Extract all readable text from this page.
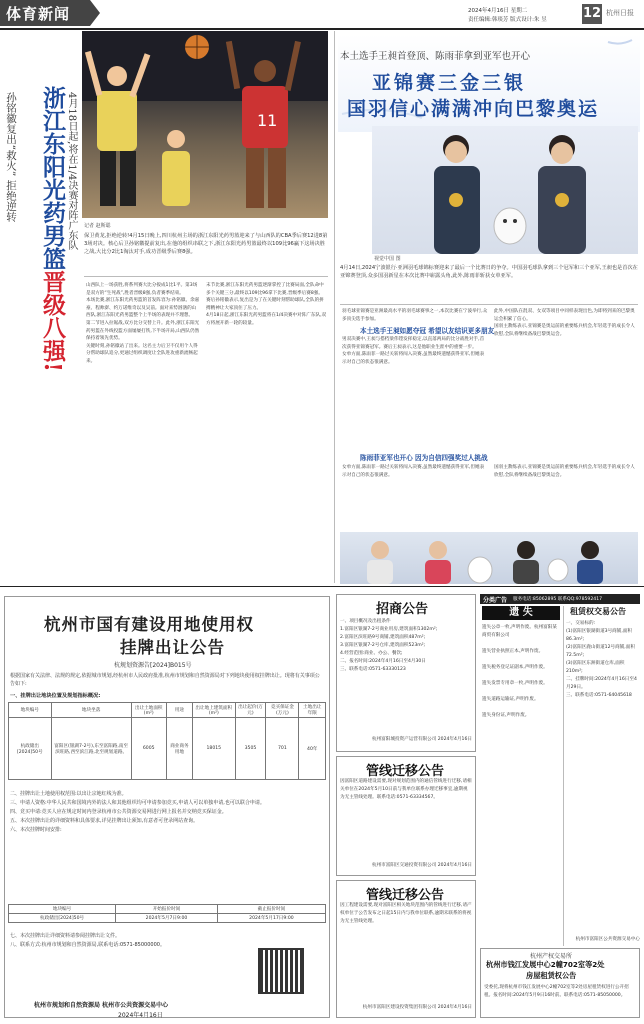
体育新闻	2024年4月16日 星期二
责任编辑:韩琰芳 版式设计:朱 昱	12 杭州日报
11
记者 赵斯聪
4月18日起,将在1/4决赛对阵广东队
浙江东阳光药男篮晋级八强!
孙铭徽复出“救火” 拒绝逆转
保卫黄龙,拒绝逆转!4月15日晚上,四川杭州主场的浙江东阳光药男篮迎来了与山西队的CBA季后赛12进8第3场对决。核心后卫孙铭徽提前复出,在他的组织串联之下,浙江东阳光药男篮最终以109比96赢下这场决胜之战,大比分2比1淘汰对手,成功晋级季后赛8强。

山西队上一场获胜,将系列赛大比分扳成1比1平。第3场是双方的“生死战”,胜者晋级8强,负者赛季结束。

本场比赛,浙江东阳光药男篮的首发阵容为:孙铭徽、余嘉豪、程帅澎、约万诺维奇以及吴前。面对来势汹汹的山西队,浙江东阳光药男篮整个上半场的表现并不理想。

第二节进入拉锯战,双方比分交替上升。此外,浙江东阳光药男篮在外线投篮方面屡屡打铁,下半场开局,山西队仍然保持着领先优势。

关键时刻,孙铭徽站了出来。这名主力后卫不仅用个人得分帮助球队追分,更通过组织调度让全队进攻重新流畅起来。

末节比赛,浙江东阳光药男篮逐渐掌控了比赛局面,全队命中多个关键三分,最终以109比96拿下比赛,晋级季后赛8强。

赛后孙铭徽表示,复出是为了在关键时刻帮助球队,全队的拼搏精神让大家顶住了压力。

4月18日起,浙江东阳光药男篮将在1/4决赛中对阵广东队,双方将展开新一轮的较量。

本土选手王昶首登顶、陈雨菲拿到亚军也开心
亚锦赛三金三银
国羽信心满满冲向巴黎奥运
视觉中国 图
4月14日,2024宁波银行·亚洲羽毛球锦标赛迎来了最后一个比赛日的争夺。中国羽毛球队拿到三个冠军和三个亚军,王昶也是首次在亚锦赛登顶,众多国羽新星在本次比赛中崭露头角,此外,陈雨菲斩获女单亚军。

羽毛球亚锦赛是亚洲最高水平的羽毛球赛事之一,本次比赛在宁波举行,众多顶尖选手参加。

本土选手王昶如愿夺冠 希望以友结识更多朋友

男双决赛中,王昶与搭档梁伟铿发挥稳定,以直落两局的比分战胜对手,首次获得亚锦赛冠军。赛后王昶表示,这是他职业生涯中的重要一步。

女单方面,陈雨菲一路过关斩将闯入决赛,虽然最终遗憾获得亚军,但她表示对自己的状态很满意。

此外,中国队在混双、女双等项目中同样表现出色,为即将到来的巴黎奥运会积累了信心。

国羽主教练表示,亚锦赛是奥运前的重要练兵机会,年轻选手的成长令人欣慰,全队将继续备战巴黎奥运会。

陈雨菲亚军也开心 因为自信四强奖过人挑战

女单方面,陈雨菲一路过关斩将闯入决赛,虽然最终遗憾获得亚军,但她表示对自己的状态很满意。

国羽主教练表示,亚锦赛是奥运前的重要练兵机会,年轻选手的成长令人欣慰,全队将继续备战巴黎奥运会。

杭州市国有建设用地使用权
挂牌出让公告
杭规划资源告[2024]B015号
根据国家有关法律、法规的规定,依据城市规划,经杭州市人民政府批准,杭州市规划和自然资源局对下列地块使用权挂牌出让。现将有关事项公告如下:
一、挂牌出让地块位置及规划指标概况:
地块编号	地块坐落	出让土地面积(m²)	用途	出让地上建筑面积(m²)	出让起价(万元)	竞买保证金(万元)	土地出让年限
杭政储出[2024]50号	富阳区(银湖7-2号),东至富阳路,南至滨旺路,西至滨江路,北至规划道路。	6005	商业商务用地	18015	3505	701	40年

二、挂牌出让土地使用权范围:以出让宗地红线为准。

三、申请人资格:中华人民共和国境内外的法人和其他组织均可申请参加竞买,申请人可以单独申请,也可以联合申请。

四、竞买申请:竞买人应在规定时间内登录杭州市公共资源交易网进行网上报名并交纳竞买保证金。

五、本次挂牌出让的详细资料和具体要求,详见挂牌出让须知,有意者可登录网站查询。

六、本次挂牌时间安排:

地块编号	开始报价时间	截止报价时间
杭政储出[2024]50号	2024年5月7日9:00	2024年5月17日9:00

七、本次挂牌出让详细资料请参阅挂牌出让文件。

八、联系方式:杭州市规划和自然资源局,联系电话:0571-85000000。

杭州市规划和自然资源局 杭州市公共资源交易中心
2024年4月16日
招商公告

一、项目概况及出租条件

1.富阳区银湖7-2号商业用房,建筑面积1302m²;

2.富阳区滨旺路9号商铺,建筑面积487m²;

3.富阳区银湖7-2号仓库,建筑面积523m²;

4.经营范围:商业、办公、餐饮;

二、报名时间:2024年4月16日至4月30日

三、联系电话:0571-63330123

杭州富阳城投资产运营有限公司 2024年4月16日
管线迁移公告
因富阳区道路建设需要,现对规划范围内的通信管线进行迁移,请相关单位在2024年5月10日前与我单位联系办理迁移事宜,逾期视为无主管线处理。联系电话:0571-63334567。
杭州市富阳区交通投资有限公司 2024年4月16日
管线迁移公告
因工程建设需要,现对富阳区相关地块范围内的管线进行迁移,请产权单位于公告发布之日起15日内与我单位联系,逾期未联系的将视为无主管线处理。
杭州市富阳区建设投资集团有限公司 2024年4月16日
分类广告 服务电话:85062895 联系QQ:978592417
遗 失

遗失公章一枚,声明作废。杭州富阳某商贸有限公司

遗失营业执照正本,声明作废。

遗失税务登记证副本,声明作废。

遗失发票专用章一枚,声明作废。

遗失道路运输证,声明作废。

遗失身份证,声明作废。

租赁权交易公告

一、交易标的:

(1)富阳区银湖街道3号商铺,面积86.3m²;

(2)富阳区鹿山街道12号商铺,面积72.5m²;

(3)富阳区东洲街道仓库,面积210m²;

二、挂牌时间:2024年4月16日至4月29日。

三、联系电话:0571-64045618

杭州市富阳区公共资源交易中心
杭州产权交易所
杭州市钱江发展中心2幢702室等2处
房屋租赁权公告
受委托,现将杭州市钱江发展中心2幢702室等2处房屋租赁权进行公开招租。报名时间:2024年5月9日16时前。联系电话:0571-85050000。
